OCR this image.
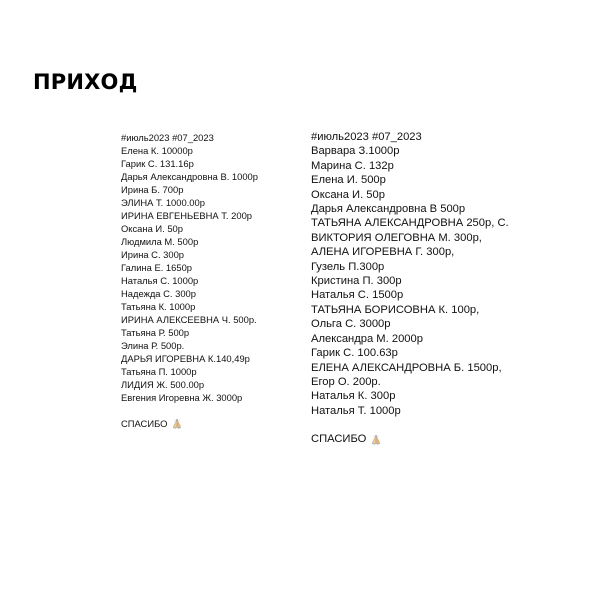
ПРИХОД
#июль2023 #07_2023
Елена К. 10000р
Гарик С. 131.16р
Дарья Александровна В. 1000р
Ирина Б. 700р
ЭЛИНА Т. 1000.00р
ИРИНА ЕВГЕНЬЕВНА Т. 200р
Оксана И. 50р
Людмила М. 500р
Ирина С. 300р
Галина Е. 1650р
Наталья С. 1000р
Надежда С. 300р
Татьяна К. 1000р
ИРИНА АЛЕКСЕЕВНА Ч. 500р.
Татьяна Р. 500р
Элина Р. 500р.
ДАРЬЯ ИГОРЕВНА К.140,49р
Татьяна П. 1000р
ЛИДИЯ Ж. 500.00р
Евгения Игоревна Ж. 3000р
СПАСИБО
#июль2023 #07_2023
Варвара З.1000р
Марина С. 132р
Елена И. 500р
Оксана И. 50р
Дарья Александровна В 500р
ТАТЬЯНА АЛЕКСАНДРОВНА 250р, С.
ВИКТОРИЯ ОЛЕГОВНА М. 300р,
АЛЕНА ИГОРЕВНА Г. 300р,
Гузель П.300р
Кристина П. 300р
Наталья С. 1500р
ТАТЬЯНА БОРИСОВНА К. 100р,
Ольга С. 3000р
Александра М. 2000р
Гарик С. 100.63р
ЕЛЕНА АЛЕКСАНДРОВНА Б. 1500р,
Егор О. 200р.
Наталья К. 300р
Наталья Т. 1000р
СПАСИБО
